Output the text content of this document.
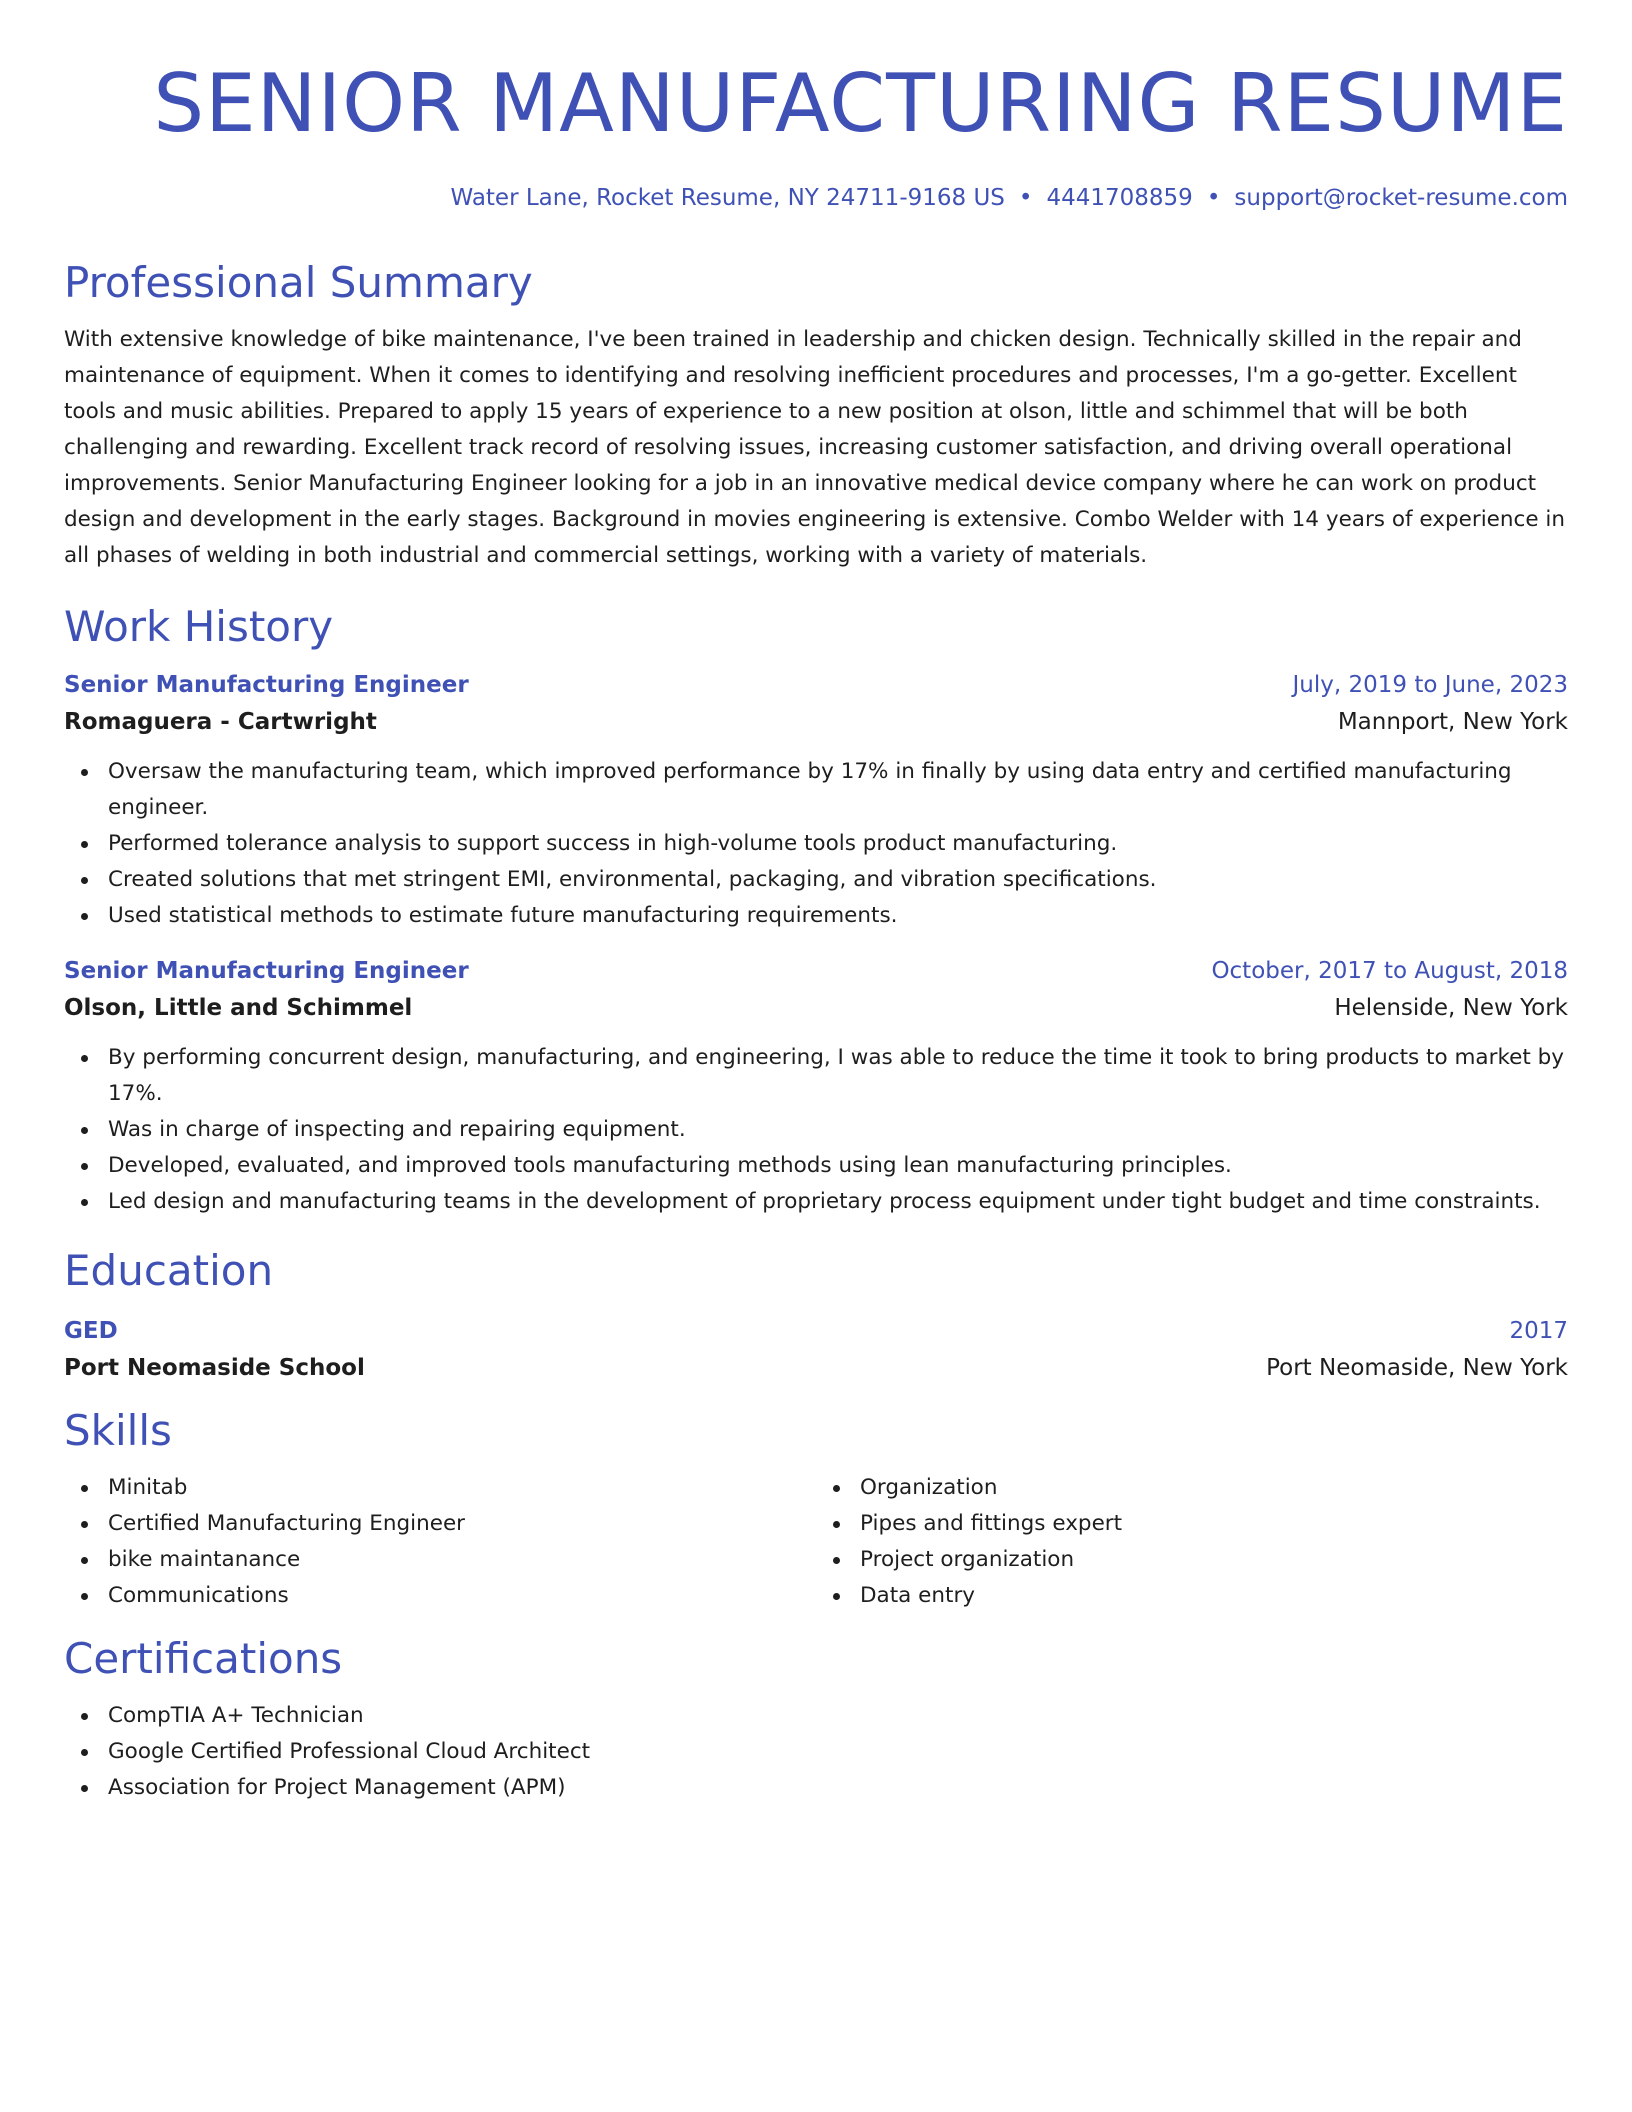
SENIOR MANUFACTURING RESUME
Water Lane, Rocket Resume, NY 24711-9168 US • 4441708859 • support@rocket-resume.com
Professional Summary

With extensive knowledge of bike maintenance, I've been trained in leadership and chicken design. Technically skilled in the repair and maintenance of equipment. When it comes to identifying and resolving inefficient procedures and processes, I'm a go-getter. Excellent tools and music abilities. Prepared to apply 15 years of experience to a new position at olson, little and schimmel that will be both challenging and rewarding. Excellent track record of resolving issues, increasing customer satisfaction, and driving overall operational improvements. Senior Manufacturing Engineer looking for a job in an innovative medical device company where he can work on product design and development in the early stages. Background in movies engineering is extensive. Combo Welder with 14 years of experience in all phases of welding in both industrial and commercial settings, working with a variety of materials.

Work History
Senior Manufacturing Engineer	July, 2019 to June, 2023
Romaguera - Cartwright	Mannport, New York
Oversaw the manufacturing team, which improved performance by 17% in finally by using data entry and certified manufacturing engineer.
Performed tolerance analysis to support success in high-volume tools product manufacturing.
Created solutions that met stringent EMI, environmental, packaging, and vibration specifications.
Used statistical methods to estimate future manufacturing requirements.
Senior Manufacturing Engineer	October, 2017 to August, 2018
Olson, Little and Schimmel	Helenside, New York
By performing concurrent design, manufacturing, and engineering, I was able to reduce the time it took to bring products to market by 17%.
Was in charge of inspecting and repairing equipment.
Developed, evaluated, and improved tools manufacturing methods using lean manufacturing principles.
Led design and manufacturing teams in the development of proprietary process equipment under tight budget and time constraints.
Education
GED	2017
Port Neomaside School	Port Neomaside, New York
Skills
Minitab
Certified Manufacturing Engineer
bike maintanance
Communications
Organization
Pipes and fittings expert
Project organization
Data entry
Certifications
CompTIA A+ Technician
Google Certified Professional Cloud Architect
Association for Project Management (APM)
